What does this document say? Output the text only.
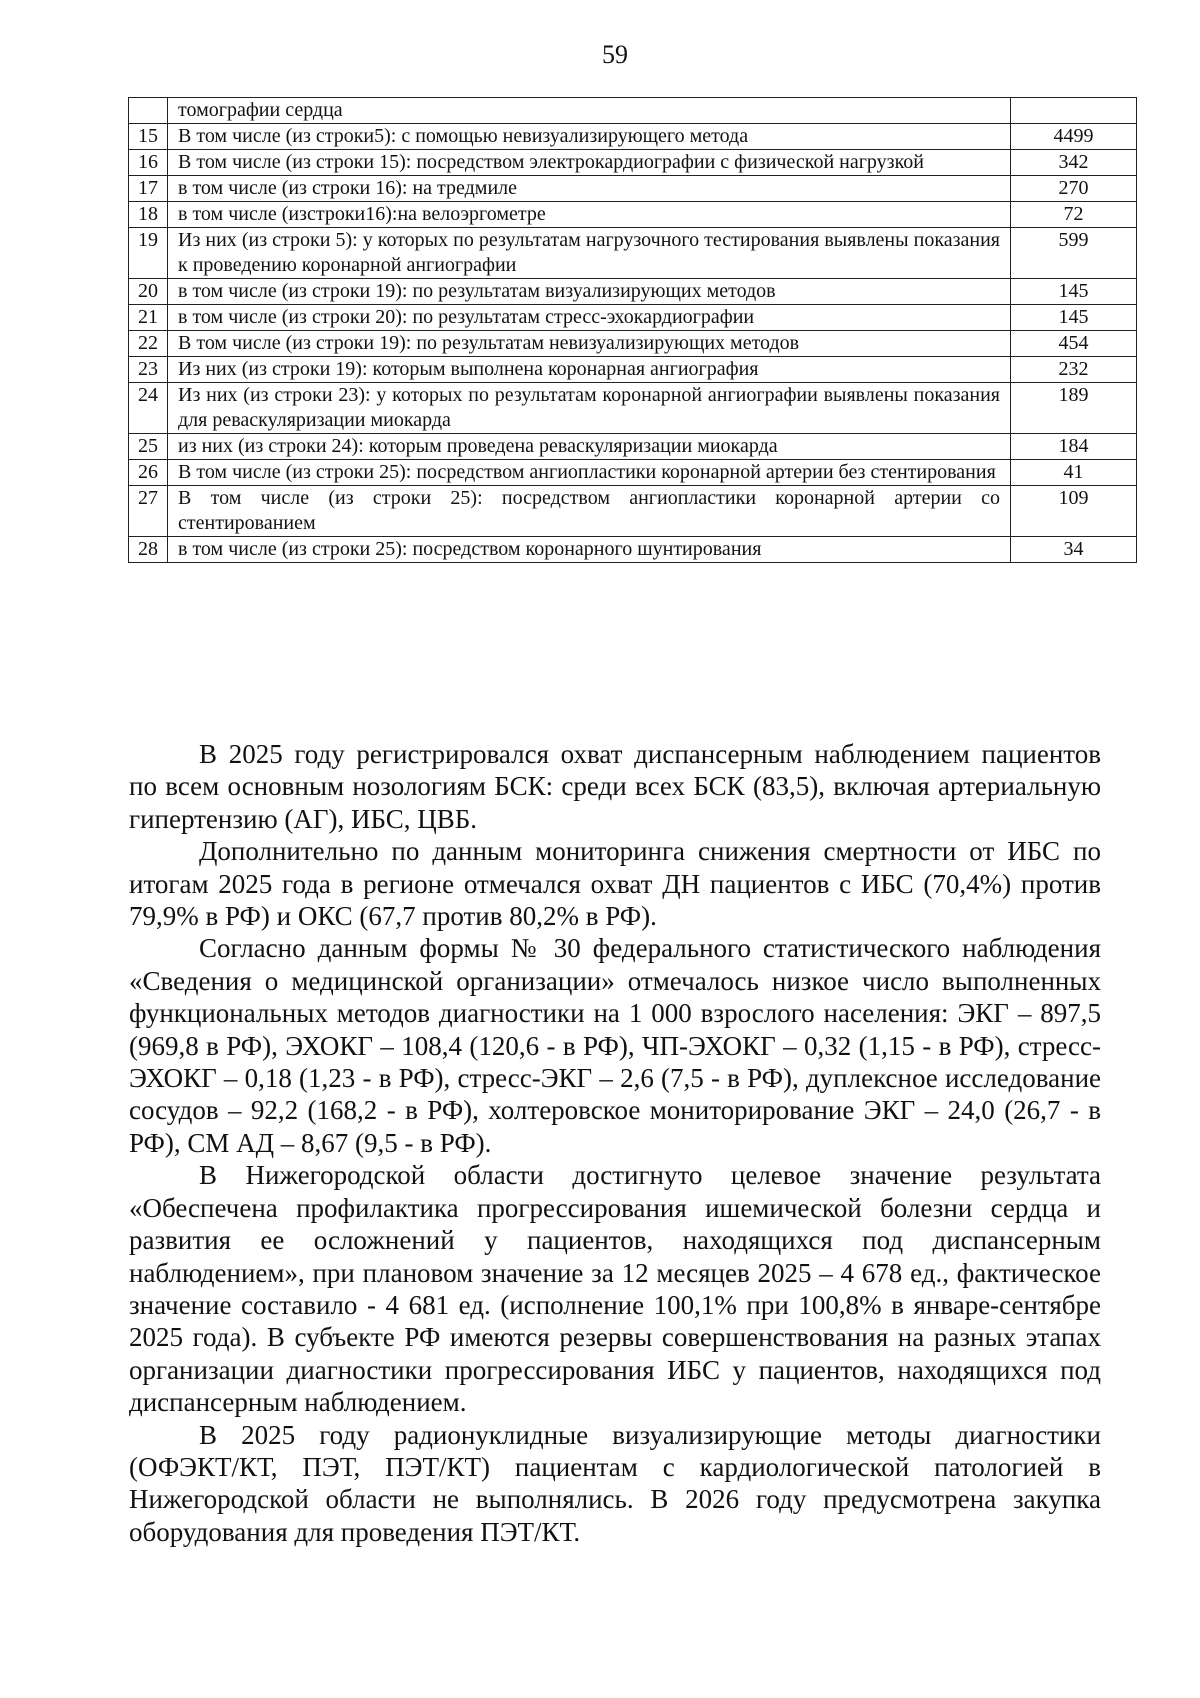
59

	томографии сердца	

15	В том числе (из строки5): с помощью невизуализирующего метода	4499
16	В том числе (из строки 15): посредством электрокардиографии с физической нагрузкой	342
17	в том числе (из строки 16): на тредмиле	270
18	в том числе (изстроки16):на велоэргометре	72
19	Из них (из строки 5): у которых по результатам нагрузочного тестирования выявлены показания к проведению коронарной ангиографии	599
20	в том числе (из строки 19): по результатам визуализирующих методов	145
21	в том числе (из строки 20): по результатам стресс-эхокардиографии	145
22	В том числе (из строки 19): по результатам невизуализирующих методов	454
23	Из них (из строки 19): которым выполнена коронарная ангиография	232
24	Из них (из строки 23): у которых по результатам коронарной ангиографии выявлены показания для реваскуляризации миокарда	189
25	из них (из строки 24): которым проведена реваскуляризации миокарда	184
26	В том числе (из строки 25): посредством ангиопластики коронарной артерии без стентирования	41
27	В том числе (из строки 25): посредством ангиопластики коронарной артерии со стентированием	109
28	в том числе (из строки 25): посредством коронарного шунтирования	34

В 2025 году регистрировался охват диспансерным наблюдением пациентов по всем основным нозологиям БСК: среди всех БСК (83,5), включая артериальную гипертензию (АГ), ИБС, ЦВБ.

Дополнительно по данным мониторинга снижения смертности от ИБС по итогам 2025 года в регионе отмечался охват ДН пациентов с ИБС (70,4%) против 79,9% в РФ) и ОКС (67,7 против 80,2% в РФ).

Согласно данным формы № 30 федерального статистического наблюдения «Сведения о медицинской организации» отмечалось низкое число выполненных функциональных методов диагностики на 1 000 взрослого населения: ЭКГ – 897,5 (969,8 в РФ), ЭХОКГ – 108,4 (120,6 - в РФ), ЧП-ЭХОКГ – 0,32 (1,15 - в РФ), стресс-ЭХОКГ – 0,18 (1,23 - в РФ), стресс-ЭКГ – 2,6 (7,5 - в РФ), дуплексное исследование сосудов – 92,2 (168,2 - в РФ), холтеровское мониторирование ЭКГ – 24,0 (26,7 - в РФ), СМ АД – 8,67 (9,5 - в РФ).

В Нижегородской области достигнуто целевое значение результата «Обеспечена профилактика прогрессирования ишемической болезни сердца и развития ее осложнений у пациентов, находящихся под диспансерным наблюдением», при плановом значение за 12 месяцев 2025 – 4 678 ед., фактическое значение составило - 4 681 ед. (исполнение 100,1% при 100,8% в январе-сентябре 2025 года). В субъекте РФ имеются резервы совершенствования на разных этапах организации диагностики прогрессирования ИБС у пациентов, находящихся под диспансерным наблюдением.

В 2025 году радионуклидные визуализирующие методы диагностики (ОФЭКТ/КТ, ПЭТ, ПЭТ/КТ) пациентам с кардиологической патологией в Нижегородской области не выполнялись. В 2026 году предусмотрена закупка оборудования для проведения ПЭТ/КТ.
